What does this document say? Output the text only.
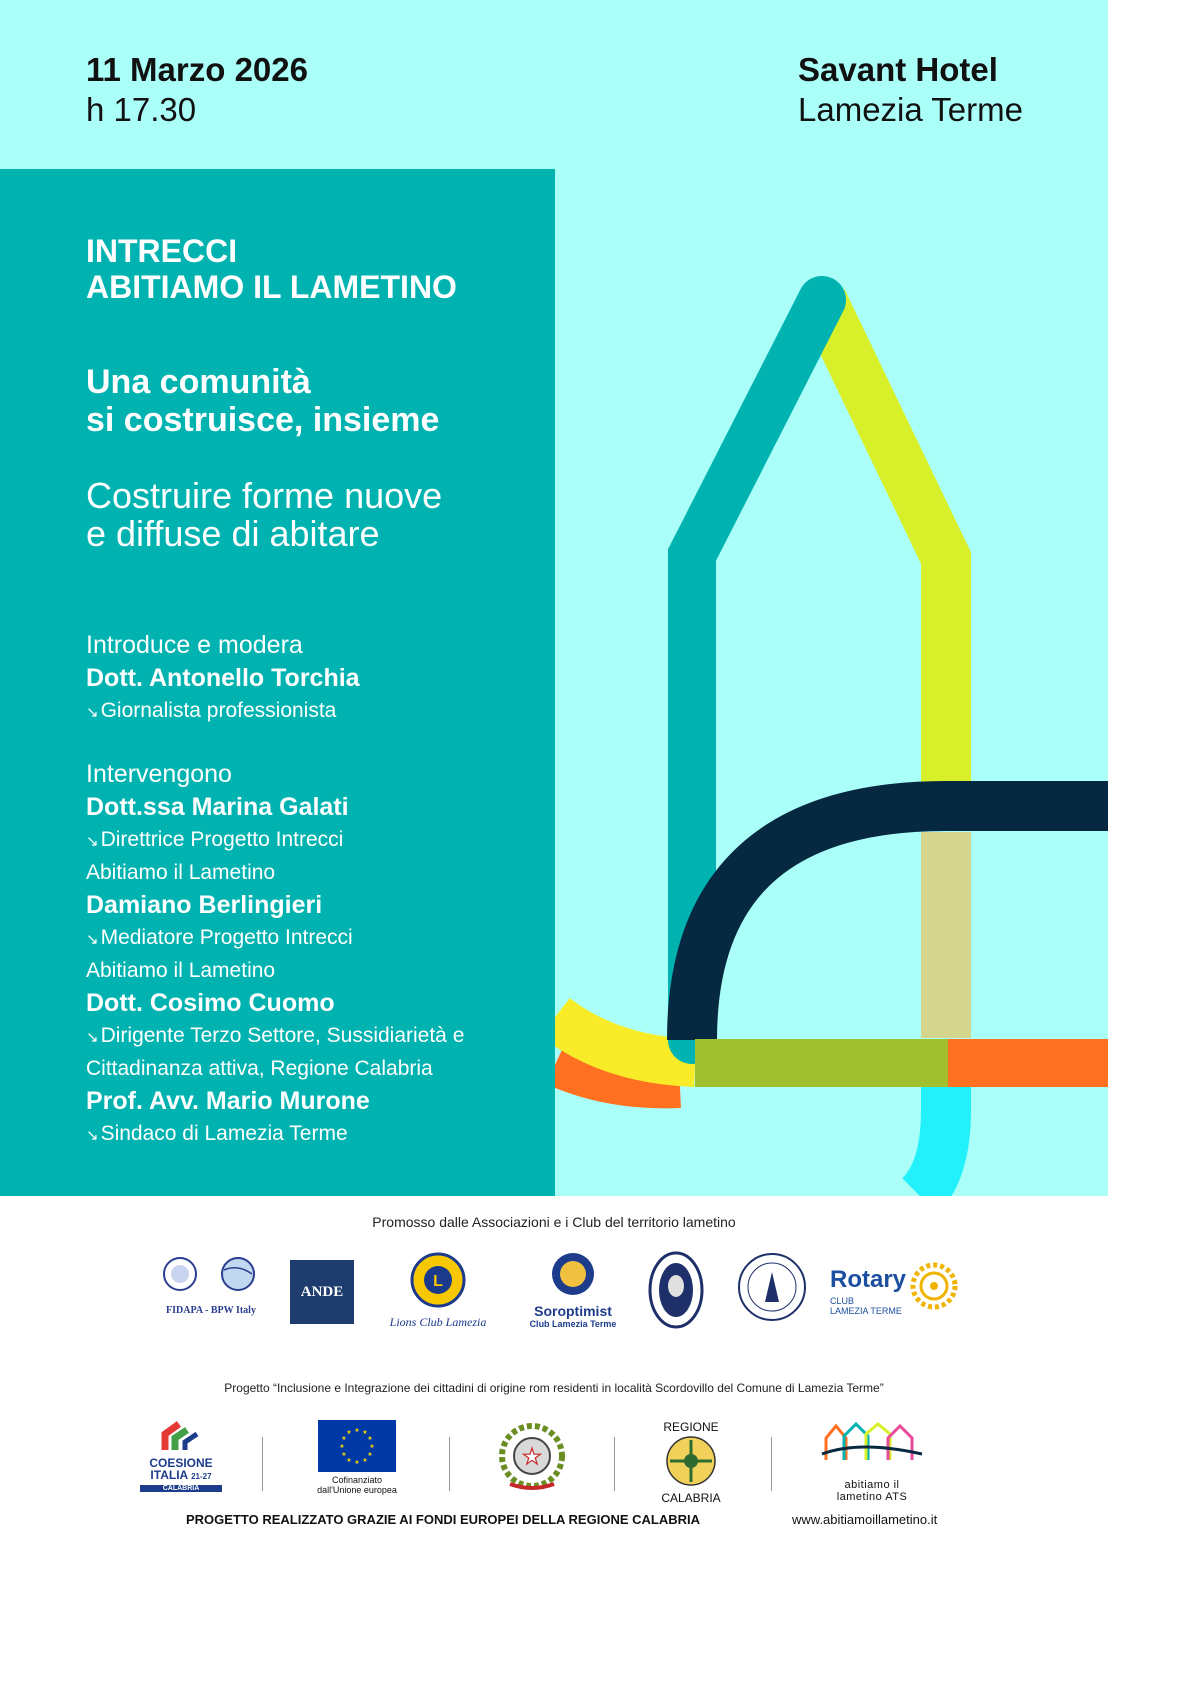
11 Marzo 2026
h 17.30
Savant Hotel
Lamezia Terme
INTRECCI
ABITIAMO IL LAMETINO
Una comunità
si costruisce, insieme
Costruire forme nuove
e diffuse di abitare
Introduce e modera
Dott. Antonello Torchia
↘Giornalista professionista
Intervengono
Dott.ssa Marina Galati
↘Direttrice Progetto Intrecci
Abitiamo il Lametino
Damiano Berlingieri
↘Mediatore Progetto Intrecci
Abitiamo il Lametino
Dott. Cosimo Cuomo
↘Dirigente Terzo Settore, Sussidiarietà e
Cittadinanza attiva, Regione Calabria
Prof. Avv. Mario Murone
↘Sindaco di Lamezia Terme
Promosso dalle Associazioni e i Club del territorio lametino
FIDAPA - BPW Italy
ANDE
L
Lions Club Lamezia
Soroptimist
Club Lamezia Terme
Rotary
CLUB
LAMEZIA TERME
Progetto “Inclusione e Integrazione dei cittadini di origine rom residenti in località Scordovillo del Comune di Lamezia Terme”
COESIONE
ITALIA 21-27
CALABRIA
★ ★
★
★
★
★
★
★
★
★
★
★
Cofinanziato
dall'Unione europea
★
REGIONE
CALABRIA
abitiamo il
lametino ATS
PROGETTO REALIZZATO GRAZIE AI FONDI EUROPEI DELLA REGIONE CALABRIA	www.abitiamoillametino.it
